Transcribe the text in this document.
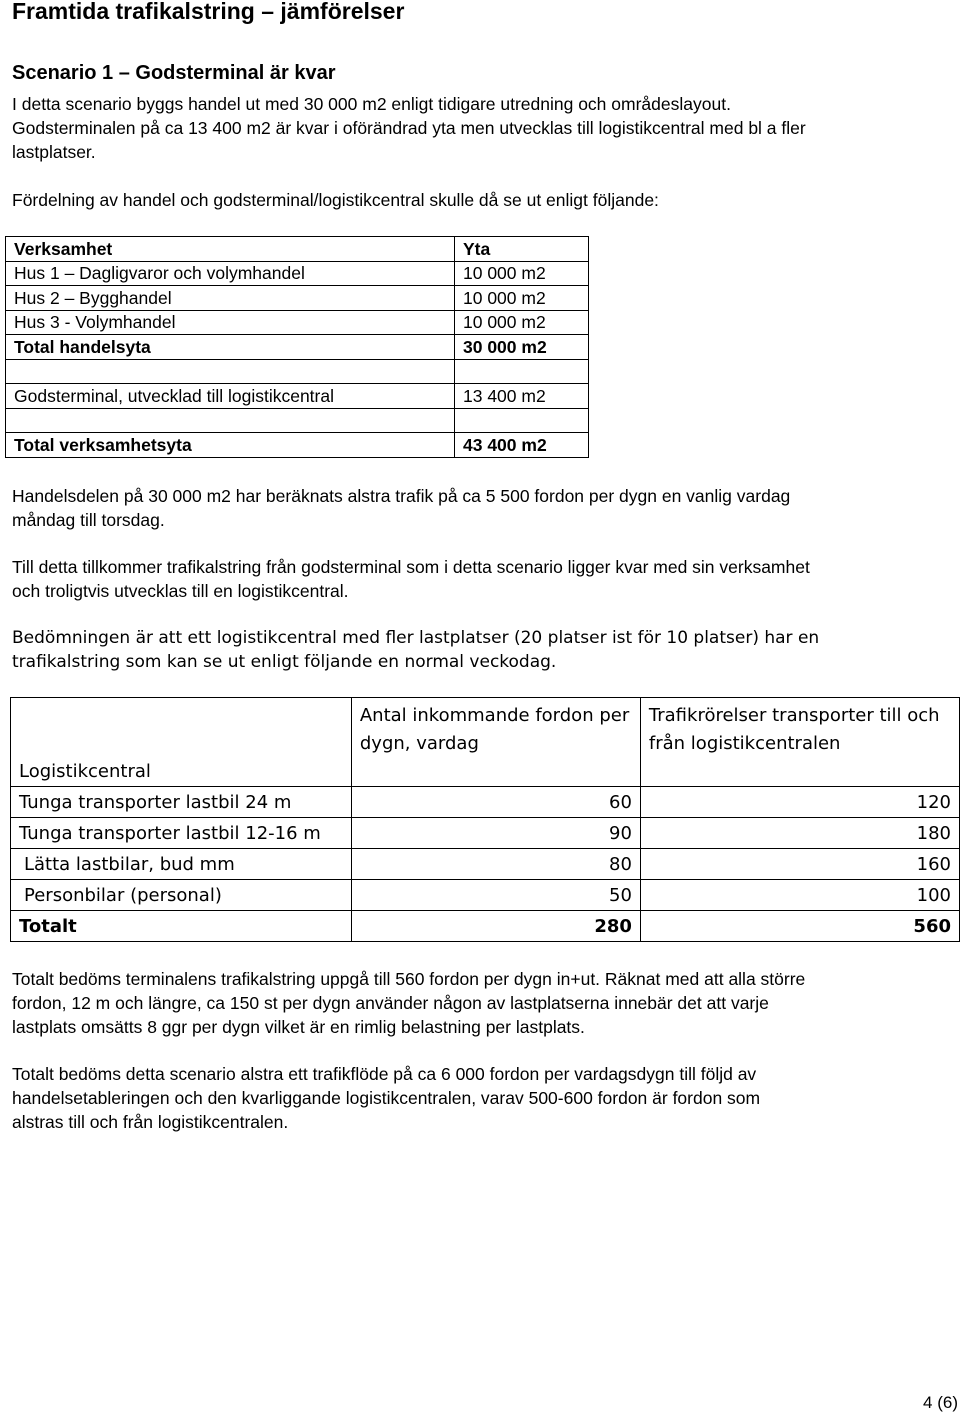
Framtida trafikalstring – jämförelser
Scenario 1 – Godsterminal är kvar
I detta scenario byggs handel ut med 30 000 m2 enligt tidigare utredning och områdeslayout.
Godsterminalen på ca 13 400 m2 är kvar i oförändrad yta men utvecklas till logistikcentral med bl a fler
lastplatser.
Fördelning av handel och godsterminal/logistikcentral skulle då se ut enligt följande:
Verksamhet	Yta
Hus 1 – Dagligvaror och volymhandel	10 000 m2
Hus 2 – Bygghandel	10 000 m2
Hus 3 - Volymhandel	10 000 m2
Total handelsyta	30 000 m2

Godsterminal, utvecklad till logistikcentral	13 400 m2

Total verksamhetsyta	43 400 m2
Handelsdelen på 30 000 m2 har beräknats alstra trafik på ca 5 500 fordon per dygn en vanlig vardag
måndag till torsdag.
Till detta tillkommer trafikalstring från godsterminal som i detta scenario ligger kvar med sin verksamhet
och troligtvis utvecklas till en logistikcentral.
Bedömningen är att ett logistikcentral med fler lastplatser (20 platser ist för 10 platser) har en
trafikalstring som kan se ut enligt följande en normal veckodag.
Logistikcentral	Antal inkommande fordon per dygn, vardag	Trafikrörelser transporter till och från logistikcentralen
Tunga transporter lastbil 24 m	60	120
Tunga transporter lastbil 12-16 m	90	180
Lätta lastbilar, bud mm	80	160
Personbilar (personal)	50	100
Totalt	280	560
Totalt bedöms terminalens trafikalstring uppgå till 560 fordon per dygn in+ut. Räknat med att alla större
fordon, 12 m och längre, ca 150 st per dygn använder någon av lastplatserna innebär det att varje
lastplats omsätts 8 ggr per dygn vilket är en rimlig belastning per lastplats.
Totalt bedöms detta scenario alstra ett trafikflöde på ca 6 000 fordon per vardagsdygn till följd av
handelsetableringen och den kvarliggande logistikcentralen, varav 500-600 fordon är fordon som
alstras till och från logistikcentralen.
4 (6)
